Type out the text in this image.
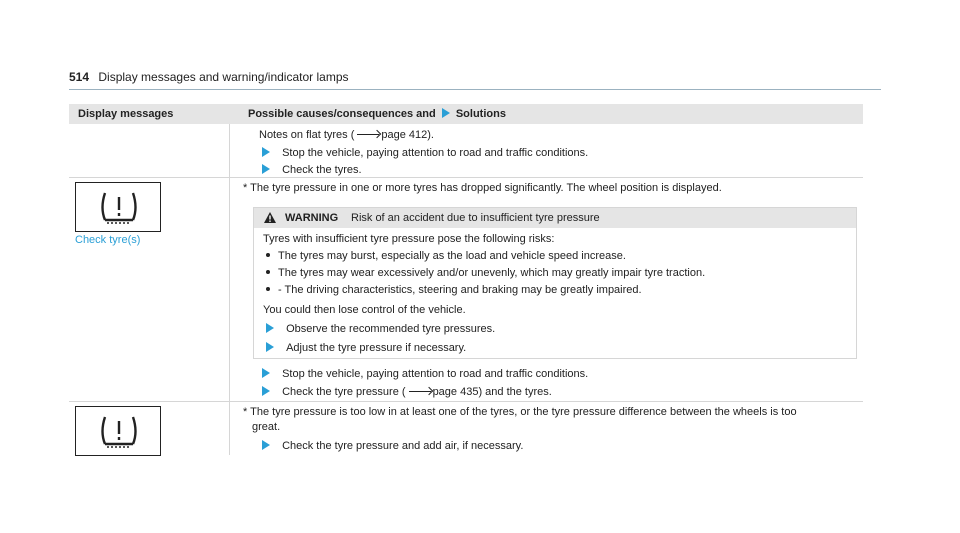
514 Display messages and warning/indicator lamps
Display messages	Possible causes/consequences and Solutions
Notes on flat tyres ( page 412).
Stop the vehicle, paying attention to road and traffic conditions.
Check the tyres.
Check tyre(s)
* The tyre pressure in one or more tyres has dropped significantly. The wheel position is displayed.
WARNING Risk of an accident due to insufficient tyre pressure
Tyres with insufficient tyre pressure pose the following risks:
The tyres may burst, especially as the load and vehicle speed increase.
The tyres may wear excessively and/or unevenly, which may greatly impair tyre traction.
- The driving characteristics, steering and braking may be greatly impaired.
You could then lose control of the vehicle.
Observe the recommended tyre pressures.
Adjust the tyre pressure if necessary.
Stop the vehicle, paying attention to road and traffic conditions.
Check the tyre pressure ( page 435) and the tyres.
* The tyre pressure is too low in at least one of the tyres, or the tyre pressure difference between the wheels is too
great.
Check the tyre pressure and add air, if necessary.
